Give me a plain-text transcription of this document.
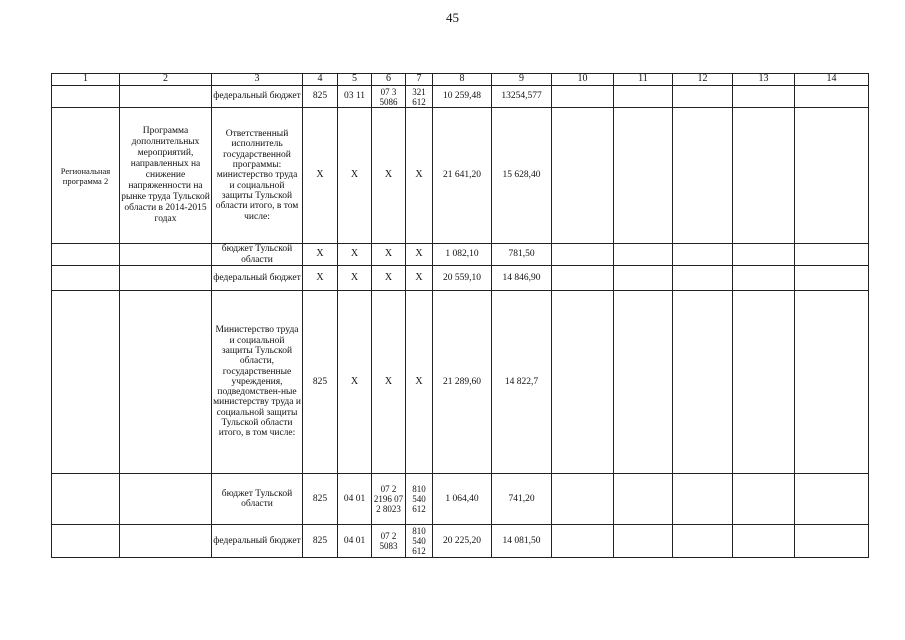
45
1	2	3	4	5	6	7	8	9	10	11	12	13	14
		федеральный бюджет	825	03 11	07 3 5086	321 612	10 259,48	13254,577					
Региональная программа 2	Программа дополнительных мероприятий, направленных на снижение напряженности на рынке труда Тульской области в 2014-2015 годах	Ответственный исполнитель государственной программы: министерство труда и социальной защиты Тульской области итого, в том числе:	X	X	X	X	21 641,20	15 628,40					
		бюджет Тульской области	X	X	X	X	1 082,10	781,50					
		федеральный бюджет	X	X	X	X	20 559,10	14 846,90					
		Министерство труда и социальной защиты Тульской области, государственные учреждения, подведомствен-ные министерству труда и социальной защиты Тульской области итого, в том числе:	825	X	X	X	21 289,60	14 822,7					
		бюджет Тульской области	825	04 01	07 2 2196 07 2 8023	810 540 612	1 064,40	741,20					
		федеральный бюджет	825	04 01	07 2 5083	810 540 612	20 225,20	14 081,50					
